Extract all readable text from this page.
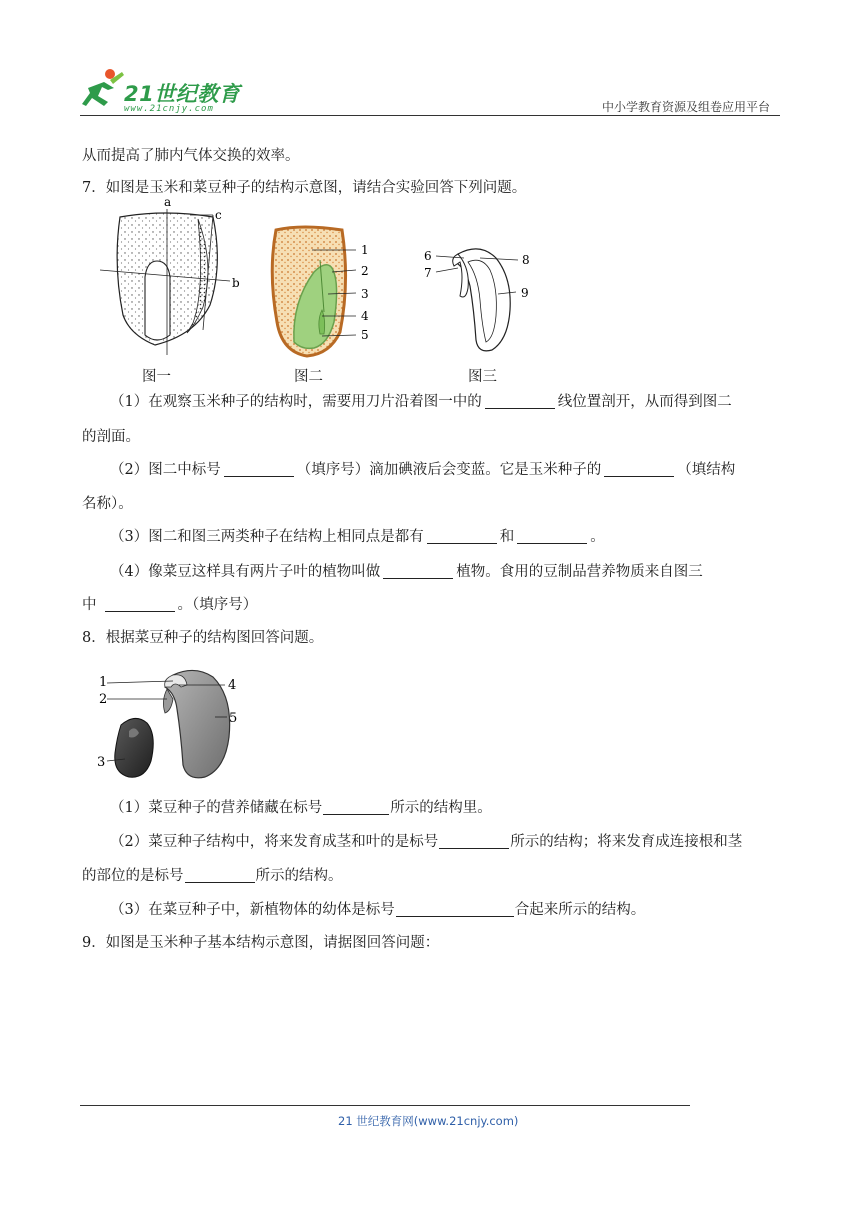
21世纪教育
www.21cnjy.com	中小学教育资源及组卷应用平台
从而提高了肺内气体交换的效率。
7．如图是玉米和菜豆种子的结构示意图，请结合实验回答下列问题。
a
c
b
图一
1
2
3
4
5
图二
6
7
8
9
图三
（1）在观察玉米种子的结构时，需要用刀片沿着图一中的	线位置剖开，从而得到图二
的剖面。
（2）图二中标号	（填序号）滴加碘液后会变蓝。它是玉米种子的	（填结构
名称）。
（3）图二和图三两类种子在结构上相同点是都有	和	。
（4）像菜豆这样具有两片子叶的植物叫做	植物。食用的豆制品营养物质来自图三
中	。（填序号）
8．根据菜豆种子的结构图回答问题。
1
2
3
4
5
（1）菜豆种子的营养储藏在标号	所示的结构里。
（2）菜豆种子结构中，将来发育成茎和叶的是标号	所示的结构；将来发育成连接根和茎
的部位的是标号	所示的结构。
（3）在菜豆种子中，新植物体的幼体是标号	合起来所示的结构。
9．如图是玉米种子基本结构示意图，请据图回答问题：
21 世纪教育网(www.21cnjy.com)
